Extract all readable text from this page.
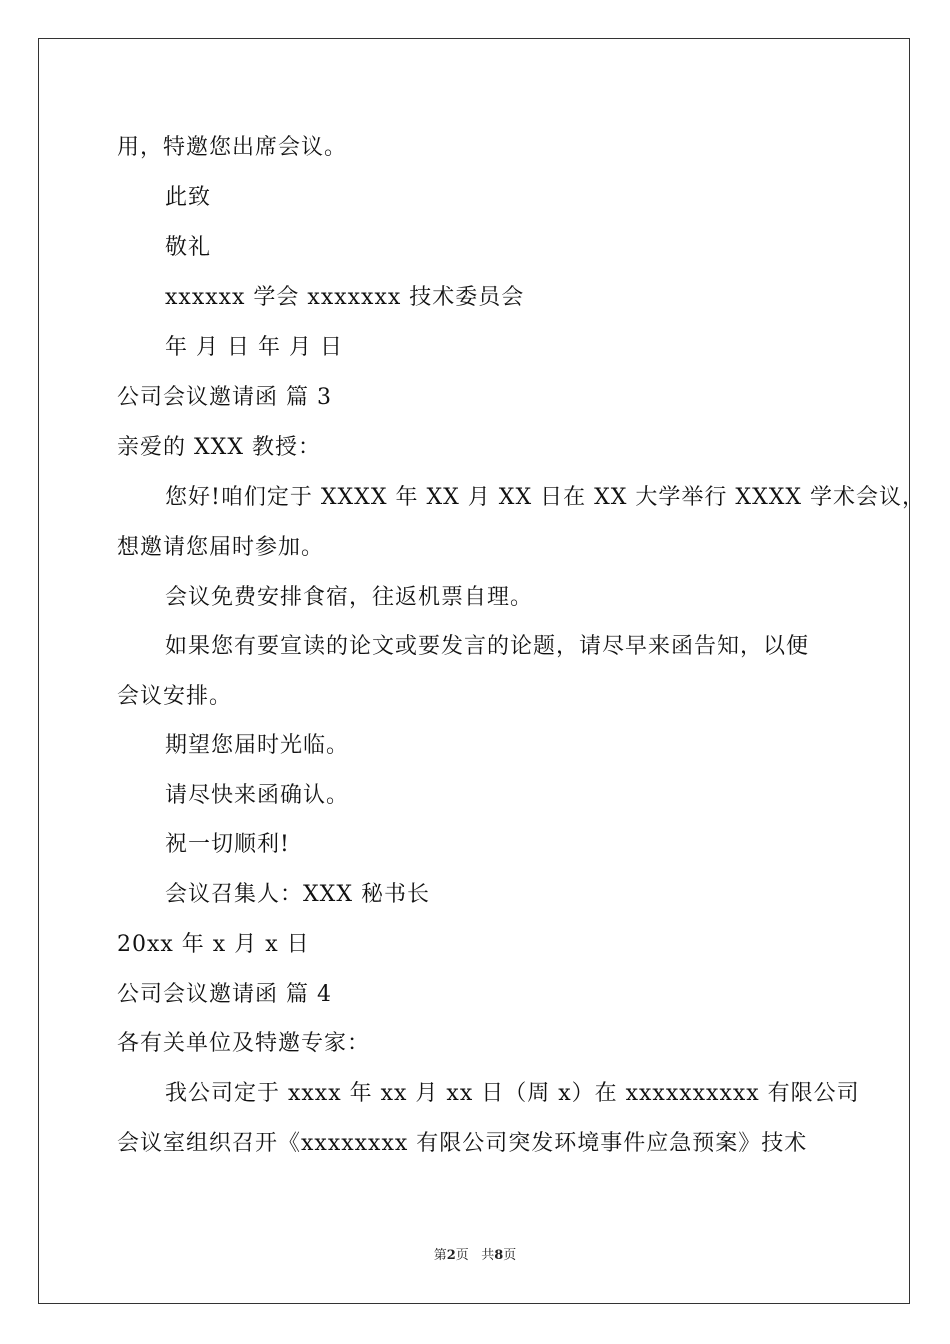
用，特邀您出席会议。
此致
敬礼
xxxxxx 学会 xxxxxxx 技术委员会
年 月 日 年 月 日
公司会议邀请函 篇 3
亲爱的 XXX 教授：
您好!咱们定于 XXXX 年 XX 月 XX 日在 XX 大学举行 XXXX 学术会议，
想邀请您届时参加。
会议免费安排食宿，往返机票自理。
如果您有要宣读的论文或要发言的论题，请尽早来函告知，以便
会议安排。
期望您届时光临。
请尽快来函确认。
祝一切顺利!
会议召集人：XXX 秘书长
20xx 年 x 月 x 日
公司会议邀请函 篇 4
各有关单位及特邀专家：
我公司定于 xxxx 年 xx 月 xx 日（周 x）在 xxxxxxxxxx 有限公司
会议室组织召开《xxxxxxxx 有限公司突发环境事件应急预案》技术
第2页 共8页
